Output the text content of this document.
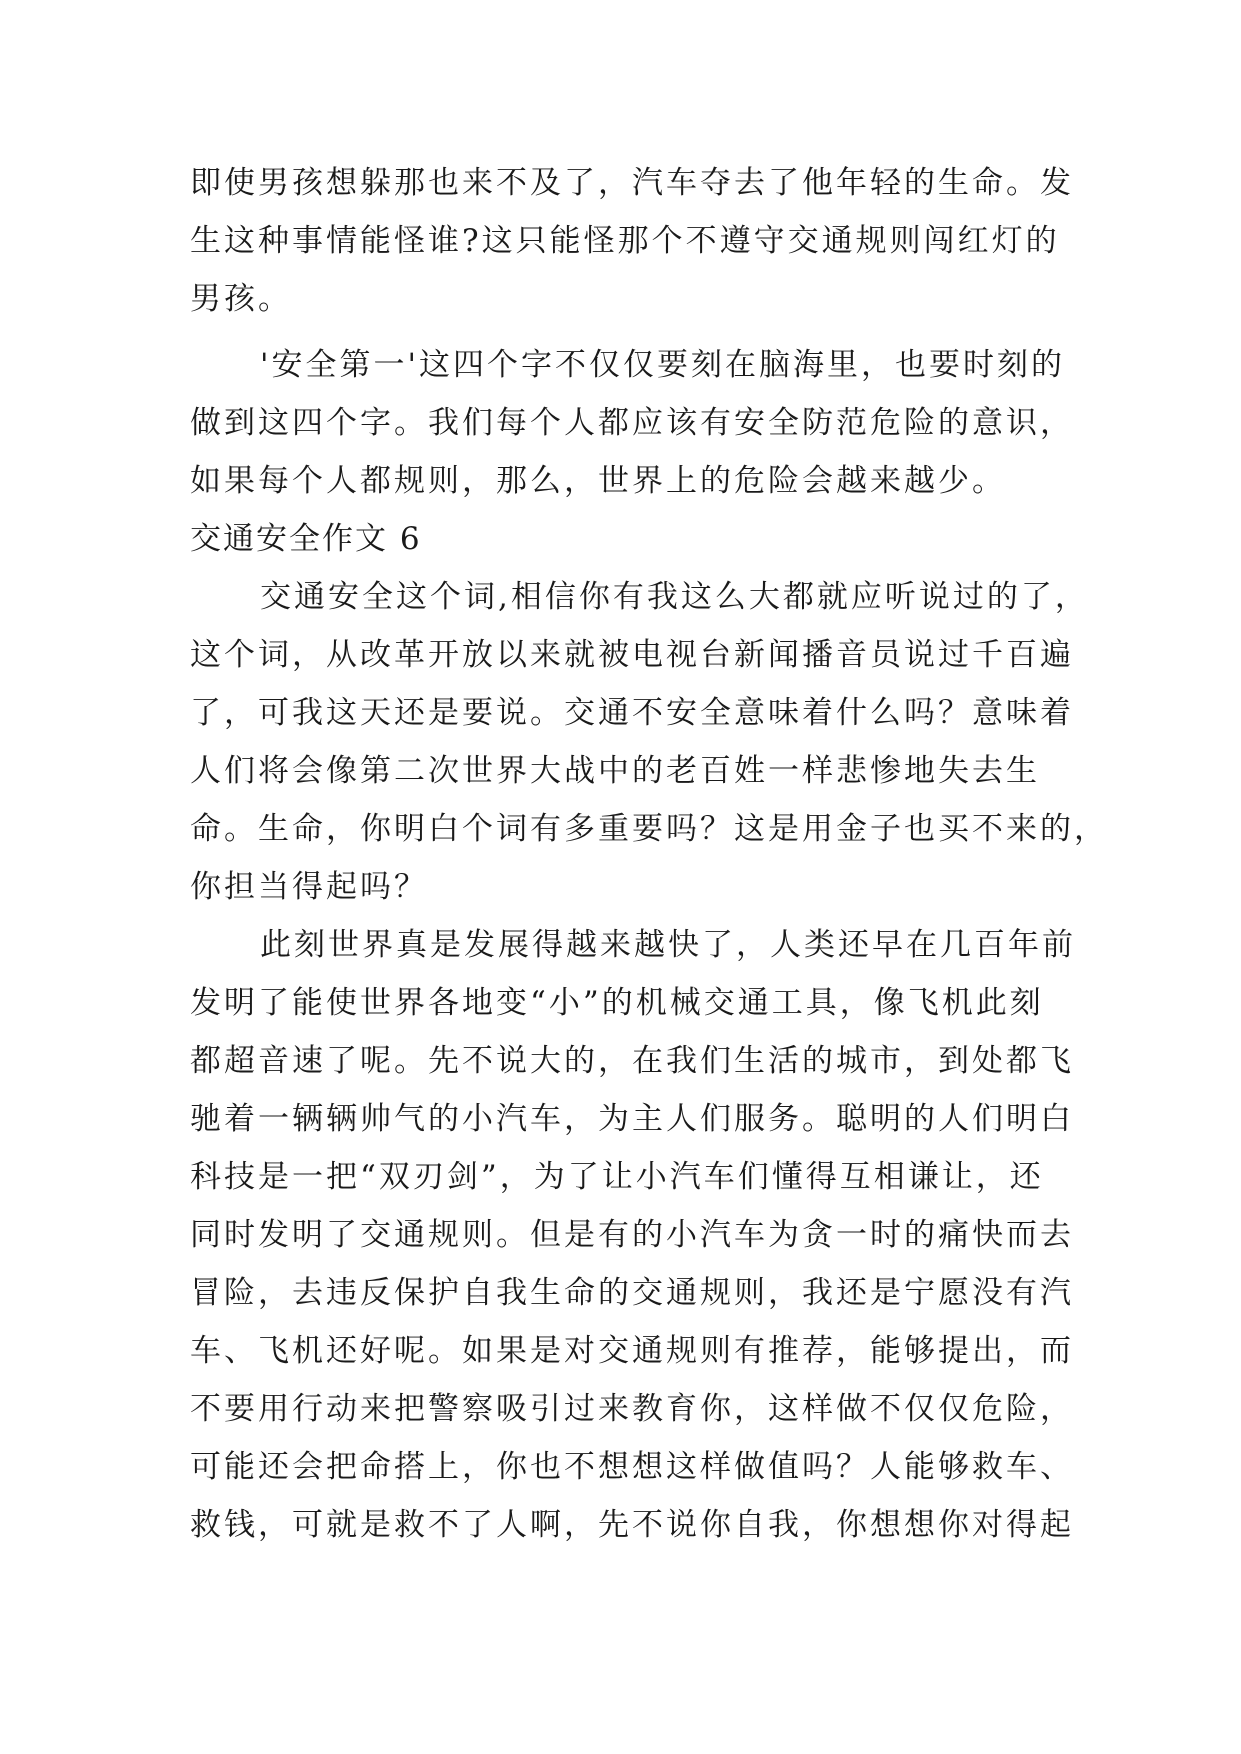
即使男孩想躲那也来不及了，汽车夺去了他年轻的生命。发
生这种事情能怪谁?这只能怪那个不遵守交通规则闯红灯的
男孩。
'安全第一'这四个字不仅仅要刻在脑海里，也要时刻的
做到这四个字。我们每个人都应该有安全防范危险的意识，
如果每个人都规则，那么，世界上的危险会越来越少。
交通安全作文 6
交通安全这个词,相信你有我这么大都就应听说过的了，
这个词，从改革开放以来就被电视台新闻播音员说过千百遍
了，可我这天还是要说。交通不安全意味着什么吗？意味着
人们将会像第二次世界大战中的老百姓一样悲惨地失去生
命。生命，你明白个词有多重要吗？这是用金子也买不来的，
你担当得起吗？
此刻世界真是发展得越来越快了，人类还早在几百年前
发明了能使世界各地变“小”的机械交通工具，像飞机此刻
都超音速了呢。先不说大的，在我们生活的城市，到处都飞
驰着一辆辆帅气的小汽车，为主人们服务。聪明的人们明白
科技是一把“双刃剑”，为了让小汽车们懂得互相谦让，还
同时发明了交通规则。但是有的小汽车为贪一时的痛快而去
冒险，去违反保护自我生命的交通规则，我还是宁愿没有汽
车、飞机还好呢。如果是对交通规则有推荐，能够提出，而
不要用行动来把警察吸引过来教育你，这样做不仅仅危险，
可能还会把命搭上，你也不想想这样做值吗？人能够救车、
救钱，可就是救不了人啊，先不说你自我，你想想你对得起
